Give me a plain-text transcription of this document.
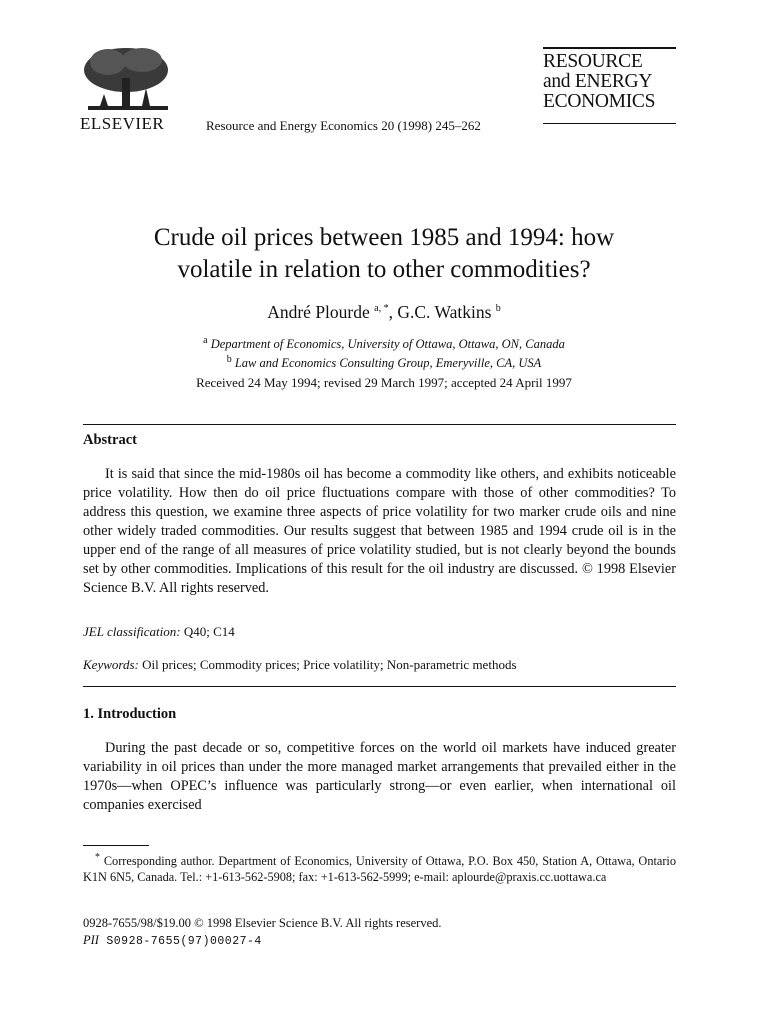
ELSEVIER	Resource and Energy Economics 20 (1998) 245–262
RESOURCE
and ENERGY
ECONOMICS
Crude oil prices between 1985 and 1994: how
volatile in relation to other commodities?
André Plourde $^{a, *}$, G.C. Watkins $^b$
$^a$ Department of Economics, University of Ottawa, Ottawa, ON, Canada
$^b$ Law and Economics Consulting Group, Emeryville, CA, USA
Received 24 May 1994; revised 29 March 1997; accepted 24 April 1997
Abstract
It is said that since the mid-1980s oil has become a commodity like others, and exhibits noticeable price volatility. How then do oil price fluctuations compare with those of other commodities? To address this question, we examine three aspects of price volatility for two marker crude oils and nine other widely traded commodities. Our results suggest that between 1985 and 1994 crude oil is in the upper end of the range of all measures of price volatility studied, but is not clearly beyond the bounds set by other commodities. Implications of this result for the oil industry are discussed. © 1998 Elsevier Science B.V. All rights reserved.
JEL classification: Q40; C14
Keywords: Oil prices; Commodity prices; Price volatility; Non-parametric methods
1. Introduction
During the past decade or so, competitive forces on the world oil markets have induced greater variability in oil prices than under the more managed market arrangements that prevailed either in the 1970s—when OPEC’s influence was particularly strong—or even earlier, when international oil companies exercised
* Corresponding author. Department of Economics, University of Ottawa, P.O. Box 450, Station A, Ottawa, Ontario K1N 6N5, Canada. Tel.: +1-613-562-5908; fax: +1-613-562-5999; e-mail: aplourde@praxis.cc.uottawa.ca
0928-7655/98/$19.00 © 1998 Elsevier Science B.V. All rights reserved.
PII S0928-7655(97)00027-4
